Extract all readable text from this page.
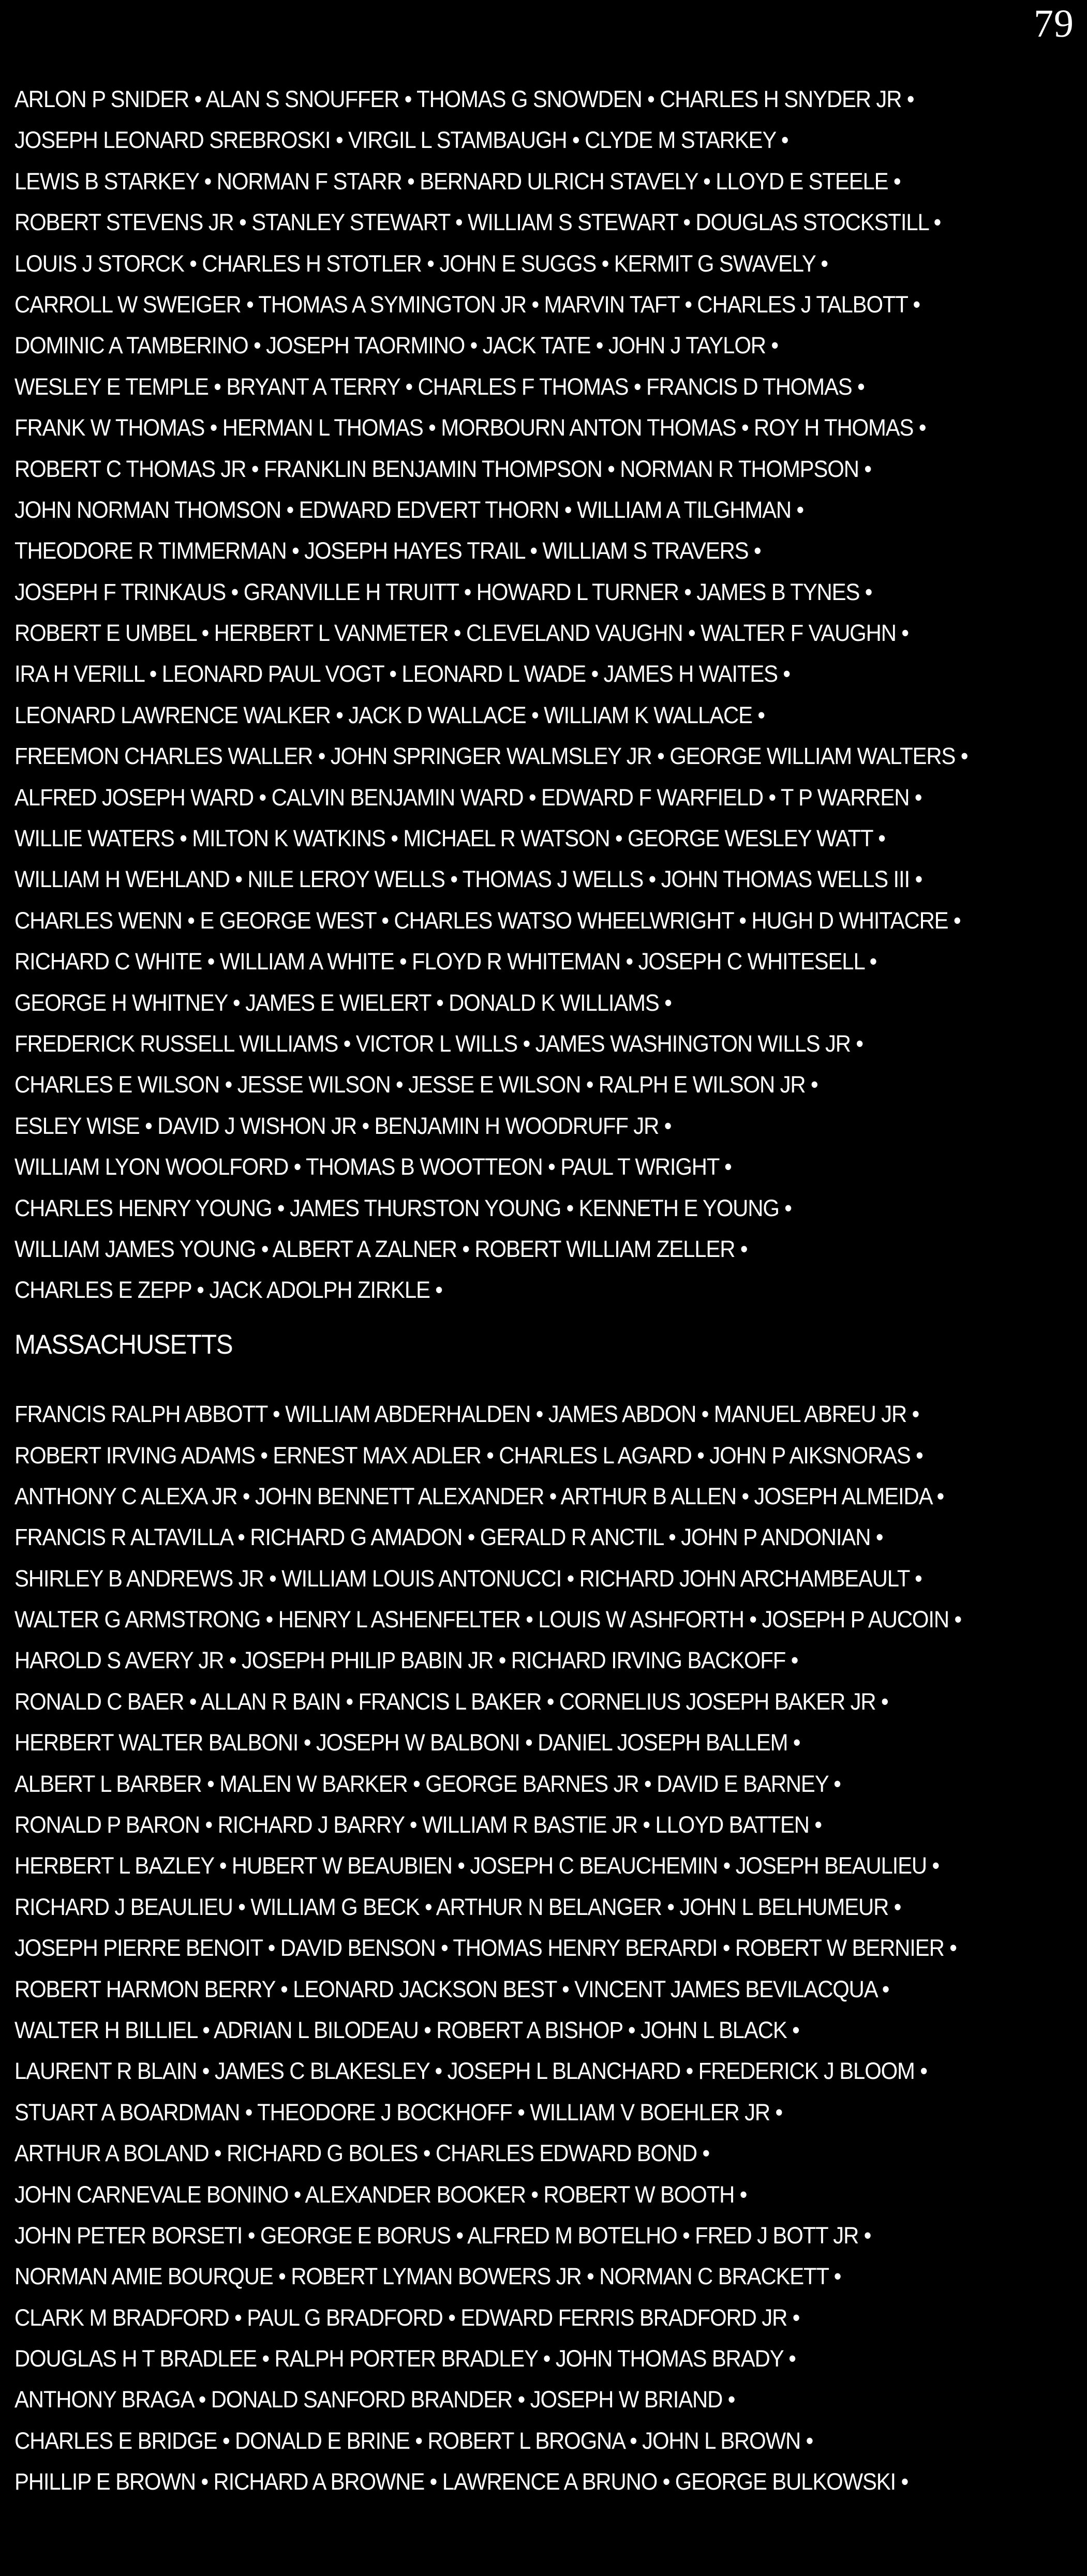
79
ARLON P SNIDER • ALAN S SNOUFFER • THOMAS G SNOWDEN • CHARLES H SNYDER JR •
JOSEPH LEONARD SREBROSKI • VIRGIL L STAMBAUGH • CLYDE M STARKEY •
LEWIS B STARKEY • NORMAN F STARR • BERNARD ULRICH STAVELY • LLOYD E STEELE •
ROBERT STEVENS JR • STANLEY STEWART • WILLIAM S STEWART • DOUGLAS STOCKSTILL •
LOUIS J STORCK • CHARLES H STOTLER • JOHN E SUGGS • KERMIT G SWAVELY •
CARROLL W SWEIGER • THOMAS A SYMINGTON JR • MARVIN TAFT • CHARLES J TALBOTT •
DOMINIC A TAMBERINO • JOSEPH TAORMINO • JACK TATE • JOHN J TAYLOR •
WESLEY E TEMPLE • BRYANT A TERRY • CHARLES F THOMAS • FRANCIS D THOMAS •
FRANK W THOMAS • HERMAN L THOMAS • MORBOURN ANTON THOMAS • ROY H THOMAS •
ROBERT C THOMAS JR • FRANKLIN BENJAMIN THOMPSON • NORMAN R THOMPSON •
JOHN NORMAN THOMSON • EDWARD EDVERT THORN • WILLIAM A TILGHMAN •
THEODORE R TIMMERMAN • JOSEPH HAYES TRAIL • WILLIAM S TRAVERS •
JOSEPH F TRINKAUS • GRANVILLE H TRUITT • HOWARD L TURNER • JAMES B TYNES •
ROBERT E UMBEL • HERBERT L VANMETER • CLEVELAND VAUGHN • WALTER F VAUGHN •
IRA H VERILL • LEONARD PAUL VOGT • LEONARD L WADE • JAMES H WAITES •
LEONARD LAWRENCE WALKER • JACK D WALLACE • WILLIAM K WALLACE •
FREEMON CHARLES WALLER • JOHN SPRINGER WALMSLEY JR • GEORGE WILLIAM WALTERS •
ALFRED JOSEPH WARD • CALVIN BENJAMIN WARD • EDWARD F WARFIELD • T P WARREN •
WILLIE WATERS • MILTON K WATKINS • MICHAEL R WATSON • GEORGE WESLEY WATT •
WILLIAM H WEHLAND • NILE LEROY WELLS • THOMAS J WELLS • JOHN THOMAS WELLS III •
CHARLES WENN • E GEORGE WEST • CHARLES WATSO WHEELWRIGHT • HUGH D WHITACRE •
RICHARD C WHITE • WILLIAM A WHITE • FLOYD R WHITEMAN • JOSEPH C WHITESELL •
GEORGE H WHITNEY • JAMES E WIELERT • DONALD K WILLIAMS •
FREDERICK RUSSELL WILLIAMS • VICTOR L WILLS • JAMES WASHINGTON WILLS JR •
CHARLES E WILSON • JESSE WILSON • JESSE E WILSON • RALPH E WILSON JR •
ESLEY WISE • DAVID J WISHON JR • BENJAMIN H WOODRUFF JR •
WILLIAM LYON WOOLFORD • THOMAS B WOOTTEON • PAUL T WRIGHT •
CHARLES HENRY YOUNG • JAMES THURSTON YOUNG • KENNETH E YOUNG •
WILLIAM JAMES YOUNG • ALBERT A ZALNER • ROBERT WILLIAM ZELLER •
CHARLES E ZEPP • JACK ADOLPH ZIRKLE •
MASSACHUSETTS
FRANCIS RALPH ABBOTT • WILLIAM ABDERHALDEN • JAMES ABDON • MANUEL ABREU JR •
ROBERT IRVING ADAMS • ERNEST MAX ADLER • CHARLES L AGARD • JOHN P AIKSNORAS •
ANTHONY C ALEXA JR • JOHN BENNETT ALEXANDER • ARTHUR B ALLEN • JOSEPH ALMEIDA •
FRANCIS R ALTAVILLA • RICHARD G AMADON • GERALD R ANCTIL • JOHN P ANDONIAN •
SHIRLEY B ANDREWS JR • WILLIAM LOUIS ANTONUCCI • RICHARD JOHN ARCHAMBEAULT •
WALTER G ARMSTRONG • HENRY L ASHENFELTER • LOUIS W ASHFORTH • JOSEPH P AUCOIN •
HAROLD S AVERY JR • JOSEPH PHILIP BABIN JR • RICHARD IRVING BACKOFF •
RONALD C BAER • ALLAN R BAIN • FRANCIS L BAKER • CORNELIUS JOSEPH BAKER JR •
HERBERT WALTER BALBONI • JOSEPH W BALBONI • DANIEL JOSEPH BALLEM •
ALBERT L BARBER • MALEN W BARKER • GEORGE BARNES JR • DAVID E BARNEY •
RONALD P BARON • RICHARD J BARRY • WILLIAM R BASTIE JR • LLOYD BATTEN •
HERBERT L BAZLEY • HUBERT W BEAUBIEN • JOSEPH C BEAUCHEMIN • JOSEPH BEAULIEU •
RICHARD J BEAULIEU • WILLIAM G BECK • ARTHUR N BELANGER • JOHN L BELHUMEUR •
JOSEPH PIERRE BENOIT • DAVID BENSON • THOMAS HENRY BERARDI • ROBERT W BERNIER •
ROBERT HARMON BERRY • LEONARD JACKSON BEST • VINCENT JAMES BEVILACQUA •
WALTER H BILLIEL • ADRIAN L BILODEAU • ROBERT A BISHOP • JOHN L BLACK •
LAURENT R BLAIN • JAMES C BLAKESLEY • JOSEPH L BLANCHARD • FREDERICK J BLOOM •
STUART A BOARDMAN • THEODORE J BOCKHOFF • WILLIAM V BOEHLER JR •
ARTHUR A BOLAND • RICHARD G BOLES • CHARLES EDWARD BOND •
JOHN CARNEVALE BONINO • ALEXANDER BOOKER • ROBERT W BOOTH •
JOHN PETER BORSETI • GEORGE E BORUS • ALFRED M BOTELHO • FRED J BOTT JR •
NORMAN AMIE BOURQUE • ROBERT LYMAN BOWERS JR • NORMAN C BRACKETT •
CLARK M BRADFORD • PAUL G BRADFORD • EDWARD FERRIS BRADFORD JR •
DOUGLAS H T BRADLEE • RALPH PORTER BRADLEY • JOHN THOMAS BRADY •
ANTHONY BRAGA • DONALD SANFORD BRANDER • JOSEPH W BRIAND •
CHARLES E BRIDGE • DONALD E BRINE • ROBERT L BROGNA • JOHN L BROWN •
PHILLIP E BROWN • RICHARD A BROWNE • LAWRENCE A BRUNO • GEORGE BULKOWSKI •
